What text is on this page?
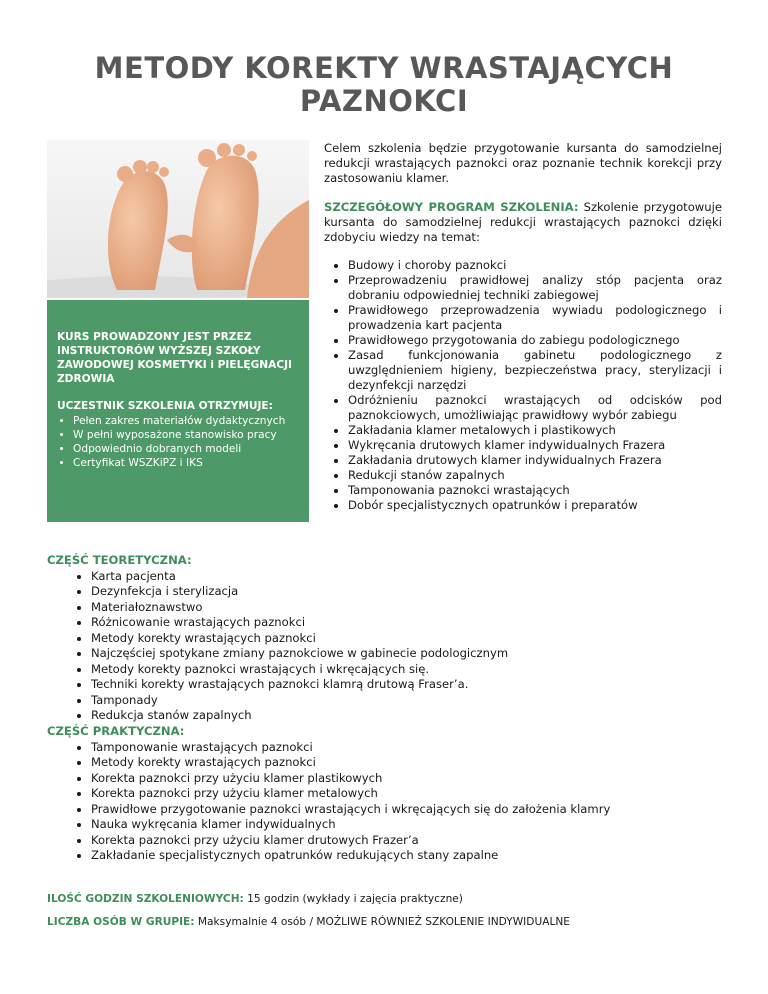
METODY KOREKTY WRASTAJĄCYCH
PAZNOKCI
KURS PROWADZONY JEST PRZEZ INSTRUKTORÓW WYŻSZEJ SZKOŁY ZAWODOWEJ KOSMETYKI i PIELĘGNACJI ZDROWIA
UCZESTNIK SZKOLENIA OTRZYMUJE:
• Pełen zakres materiałów dydaktycznych
• W pełni wyposażone stanowisko pracy
• Odpowiednio dobranych modeli
• Certyfikat WSZKiPZ i IKS

Celem szkolenia będzie przygotowanie kursanta do samodzielnej redukcji wrastających paznokci oraz poznanie technik korekcji przy zastosowaniu klamer.

SZCZEGÓŁOWY PROGRAM SZKOLENIA: Szkolenie przygotowuje kursanta do samodzielnej redukcji wrastających paznokci dzięki zdobyciu wiedzy na temat:

• Budowy i choroby paznokci
• Przeprowadzeniu prawidłowej analizy stóp pacjenta oraz dobraniu odpowiedniej techniki zabiegowej
• Prawidłowego przeprowadzenia wywiadu podologicznego i prowadzenia kart pacjenta
• Prawidłowego przygotowania do zabiegu podologicznego
• Zasad funkcjonowania gabinetu podologicznego z uwzględnieniem higieny, bezpieczeństwa pracy, sterylizacji i dezynfekcji narzędzi
• Odróżnieniu paznokci wrastających od odcisków pod paznokciowych, umożliwiając prawidłowy wybór zabiegu
• Zakładania klamer metalowych i plastikowych
• Wykręcania drutowych klamer indywidualnych Frazera
• Zakładania drutowych klamer indywidualnych Frazera
• Redukcji stanów zapalnych
• Tamponowania paznokci wrastających
• Dobór specjalistycznych opatrunków i preparatów
CZĘŚĆ TEORETYCZNA:
• Karta pacjenta
• Dezynfekcja i sterylizacja
• Materiałoznawstwo
• Różnicowanie wrastających paznokci
• Metody korekty wrastających paznokci
• Najczęściej spotykane zmiany paznokciowe w gabinecie podologicznym
• Metody korekty paznokci wrastających i wkręcających się.
• Techniki korekty wrastających paznokci klamrą drutową Fraser’a.
• Tamponady
• Redukcja stanów zapalnych
CZĘŚĆ PRAKTYCZNA:
• Tamponowanie wrastających paznokci
• Metody korekty wrastających paznokci
• Korekta paznokci przy użyciu klamer plastikowych
• Korekta paznokci przy użyciu klamer metalowych
• Prawidłowe przygotowanie paznokci wrastających i wkręcających się do założenia klamry
• Nauka wykręcania klamer indywidualnych
• Korekta paznokci przy użyciu klamer drutowych Frazer’a
• Zakładanie specjalistycznych opatrunków redukujących stany zapalne
ILOŚĆ GODZIN SZKOLENIOWYCH: 15 godzin (wykłady i zajęcia praktyczne)
LICZBA OSÓB W GRUPIE: Maksymalnie 4 osób / MOŻLIWE RÓWNIEŻ SZKOLENIE INDYWIDUALNE
